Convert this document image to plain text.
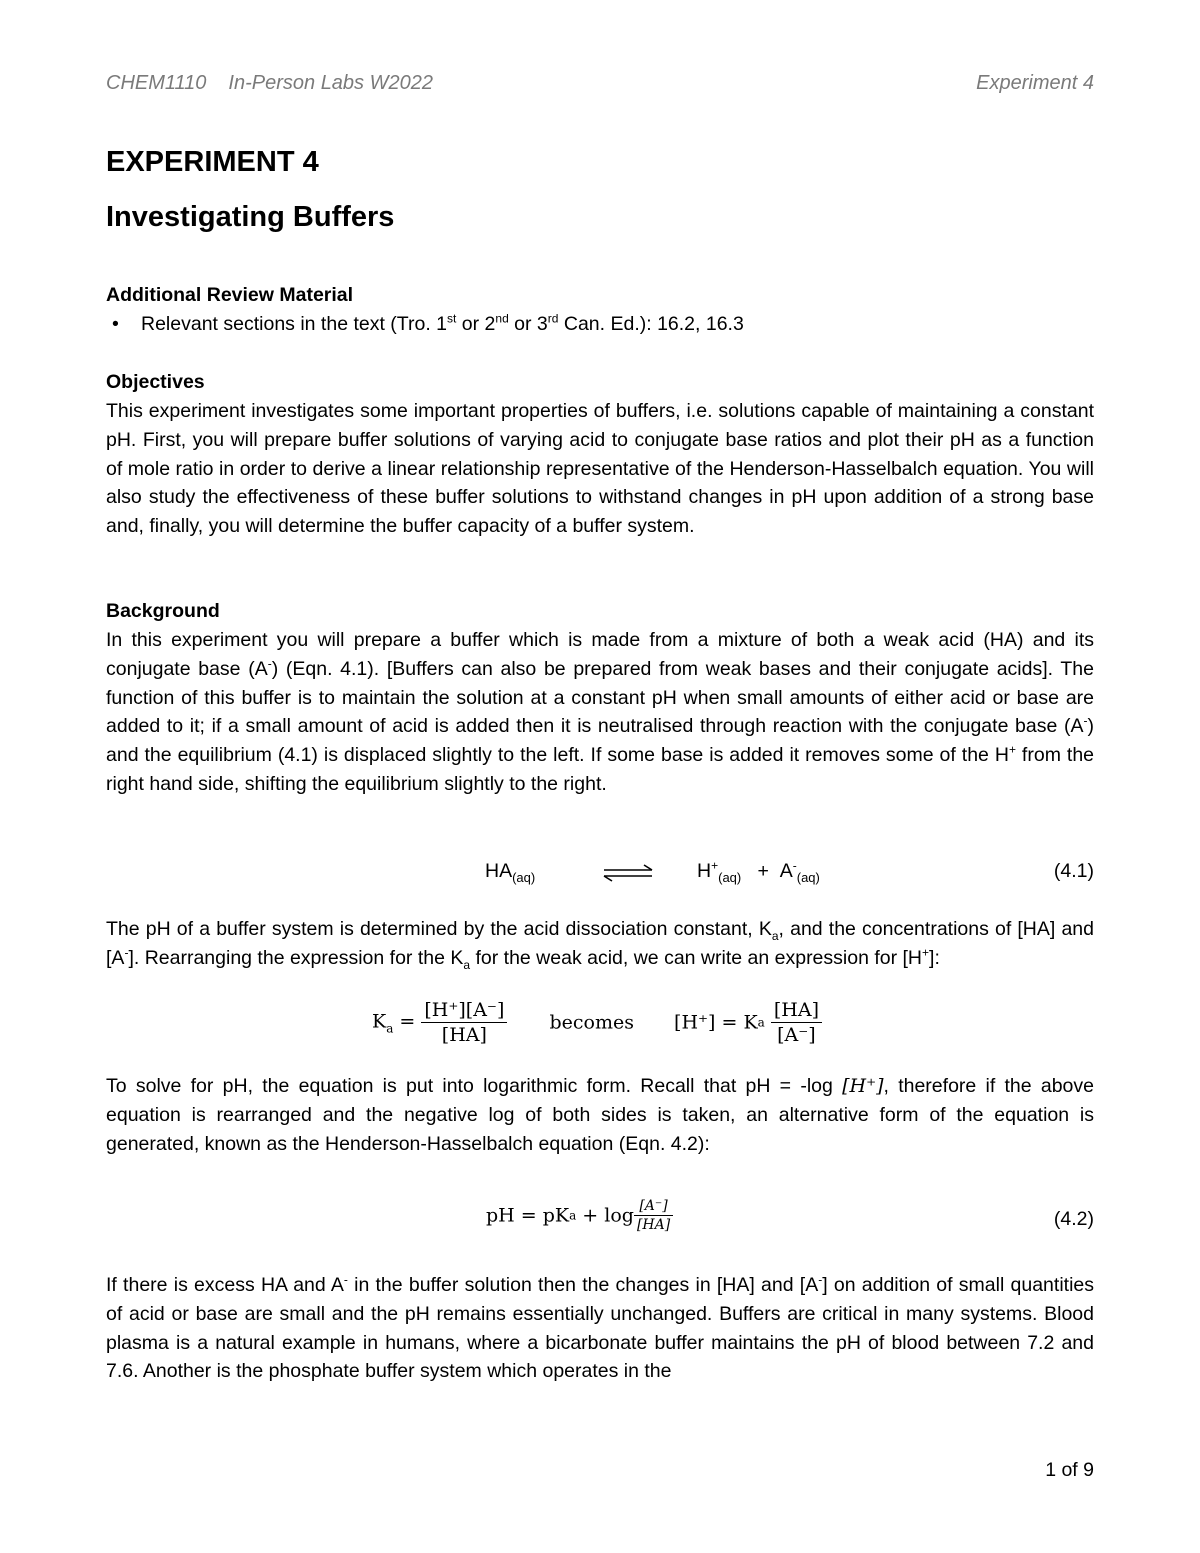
CHEM1110 In-Person Labs W2022	Experiment 4
EXPERIMENT 4
Investigating Buffers
Additional Review Material
• Relevant sections in the text (Tro. 1st or 2nd or 3rd Can. Ed.): 16.2, 16.3
Objectives
This experiment investigates some important properties of buffers, i.e. solutions capable of maintaining a constant pH. First, you will prepare buffer solutions of varying acid to conjugate base ratios and plot their pH as a function of mole ratio in order to derive a linear relationship representative of the Henderson-Hasselbalch equation. You will also study the effectiveness of these buffer solutions to withstand changes in pH upon addition of a strong base and, finally, you will determine the buffer capacity of a buffer system.
Background
In this experiment you will prepare a buffer which is made from a mixture of both a weak acid (HA) and its conjugate base (A-) (Eqn. 4.1). [Buffers can also be prepared from weak bases and their conjugate acids]. The function of this buffer is to maintain the solution at a constant pH when small amounts of either acid or base are added to it; if a small amount of acid is added then it is neutralised through reaction with the conjugate base (A-) and the equilibrium (4.1) is displaced slightly to the left. If some base is added it removes some of the H+ from the right hand side, shifting the equilibrium slightly to the right.
$HA_{(aq)}$	$H^+_{(aq)} + A^-_{(aq)}$	(4.1)
The pH of a buffer system is determined by the acid dissociation constant, $K_a$, and the concentrations of [HA] and [A-]. Rearranging the expression for the $K_a$ for the weak acid, we can write an expression for [H+]:
$K_a = \frac{[H^+][A^-]}{[HA]}$ becomes [H⁺] = Ka $\frac{[HA]}{[A^-]}$
To solve for pH, the equation is put into logarithmic form. Recall that pH = -log [H⁺], therefore if the above equation is rearranged and the negative log of both sides is taken, an alternative form of the equation is generated, known as the Henderson-Hasselbalch equation (Eqn. 4.2):
pH = pKa + $\log \frac{[A^-]}{[HA]}$	(4.2)
If there is excess HA and A- in the buffer solution then the changes in [HA] and [A-] on addition of small quantities of acid or base are small and the pH remains essentially unchanged. Buffers are critical in many systems. Blood plasma is a natural example in humans, where a bicarbonate buffer maintains the pH of blood between 7.2 and 7.6. Another is the phosphate buffer system which operates in the
1 of 9
